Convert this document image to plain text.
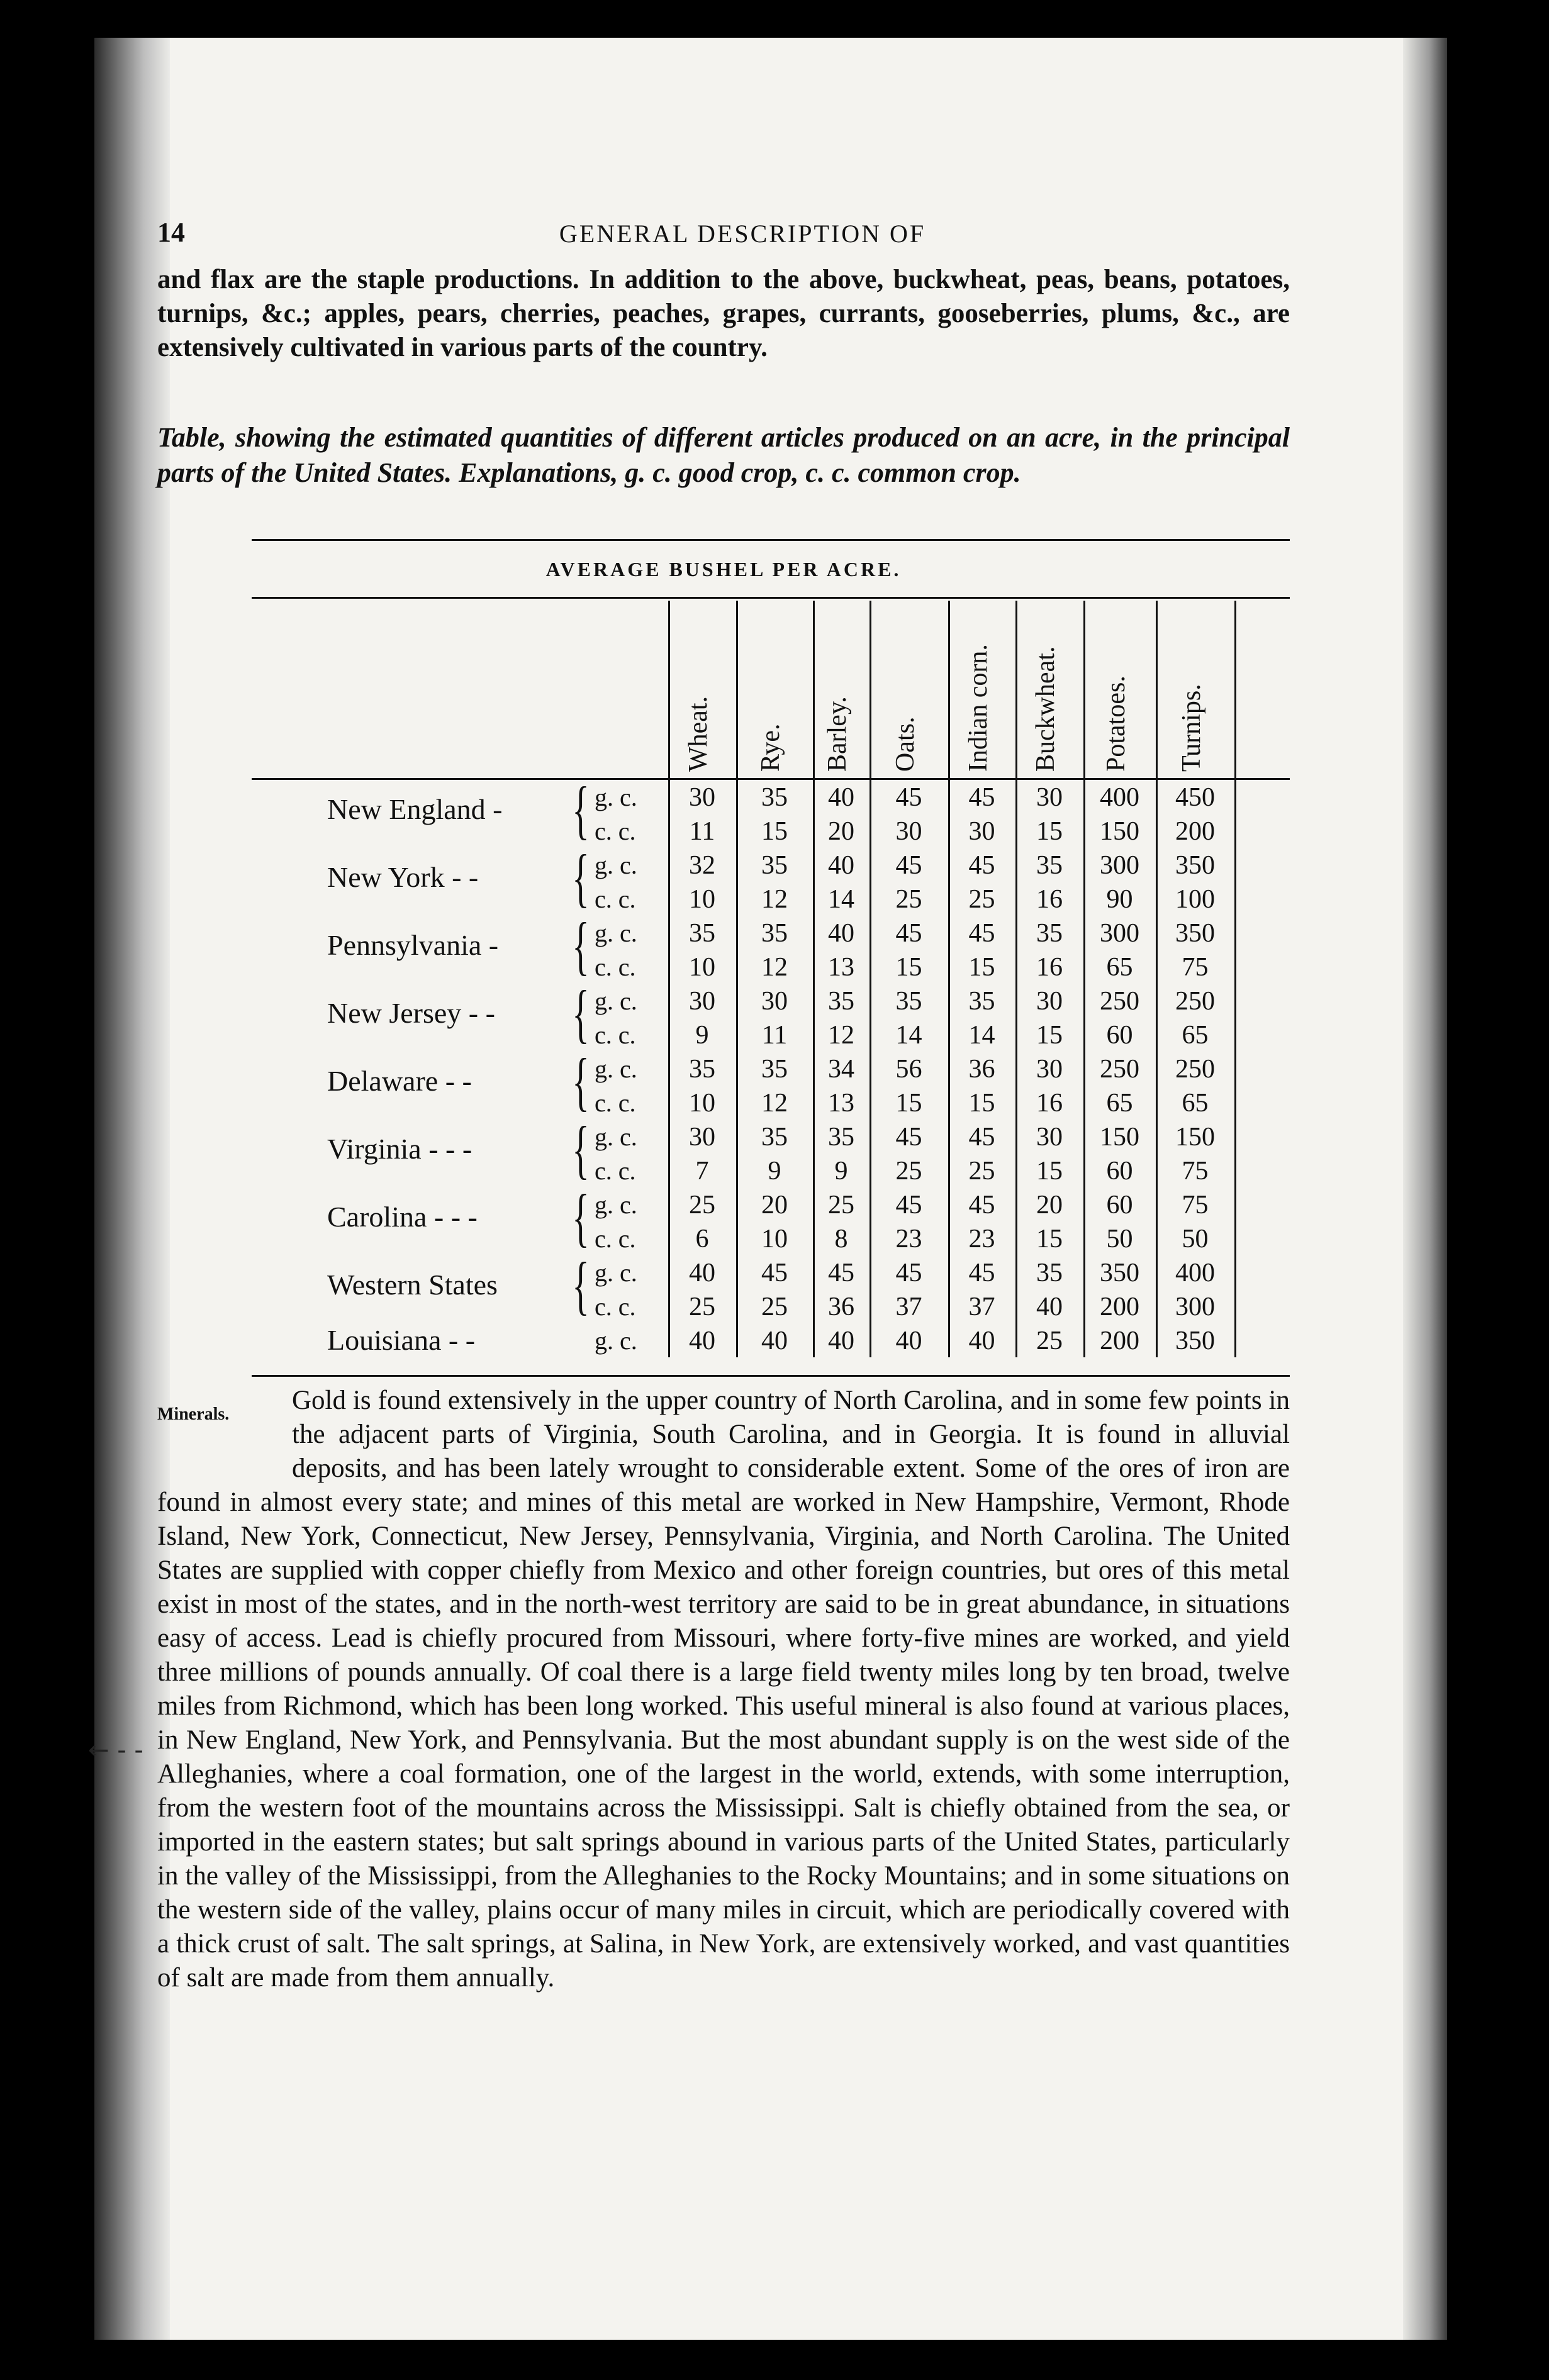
14	GENERAL DESCRIPTION OF
and flax are the staple productions. In addition to the above, buckwheat, peas, beans, potatoes, turnips, &c.; apples, pears, cherries, peaches, grapes, currants, gooseberries, plums, &c., are extensively cultivated in various parts of the country.
Table, showing the estimated quantities of different articles produced on an acre, in the principal parts of the United States. Explanations, g. c. good crop, c. c. common crop.
AVERAGE BUSHEL PER ACRE.
Wheat. Rye. Barley. Oats. Indian corn. Buckwheat. Potatoes. Turnips.
New England - { g. c.	30	35	40	45	45	30	400	450
c. c.	11	15	20	30	30	15	150	200
New York - - { g. c.	32	35	40	45	45	35	300	350
c. c.	10	12	14	25	25	16	90	100
Pennsylvania - { g. c.	35	35	40	45	45	35	300	350
c. c.	10	12	13	15	15	16	65	75
New Jersey - - { g. c.	30	30	35	35	35	30	250	250
c. c.	9	11	12	14	14	15	60	65
Delaware - - { g. c.	35	35	34	56	36	30	250	250
c. c.	10	12	13	15	15	16	65	65
Virginia - - - { g. c.	30	35	35	45	45	30	150	150
c. c.	7	9	9	25	25	15	60	75
Carolina - - - { g. c.	25	20	25	45	45	20	60	75
c. c.	6	10	8	23	23	15	50	50
Western States { g. c.	40	45	45	45	45	35	350	400
c. c.	25	25	36	37	37	40	200	300
Louisiana - -	g. c.	40	40	40	40	40	25	200	350
Minerals.	Gold is found extensively in the upper country of North Carolina, and in some few points in the adjacent parts of Virginia, South Carolina, and in Georgia. It is found in alluvial deposits, and has been lately wrought to considerable extent. Some of the ores of iron are found in almost every state; and mines of this metal are worked in New Hampshire, Vermont, Rhode Island, New York, Connecticut, New Jersey, Pennsylvania, Virginia, and North Carolina. The United States are supplied with copper chiefly from Mexico and other foreign countries, but ores of this metal exist in most of the states, and in the north-west territory are said to be in great abundance, in situations easy of access. Lead is chiefly procured from Missouri, where forty-five mines are worked, and yield three millions of pounds annually. Of coal there is a large field twenty miles long by ten broad, twelve miles from Richmond, which has been long worked. This useful mineral is also found at various places, in New England, New York, and Pennsylvania. But the most abundant supply is on the west side of the Alleghanies, where a coal formation, one of the largest in the world, extends, with some interruption, from the western foot of the mountains across the Mississippi. Salt is chiefly obtained from the sea, or imported in the eastern states; but salt springs abound in various parts of the United States, particularly in the valley of the Mississippi, from the Alleghanies to the Rocky Mountains; and in some situations on the western side of the valley, plains occur of many miles in circuit, which are periodically covered with a thick crust of salt. The salt springs, at Salina, in New York, are extensively worked, and vast quantities of salt are made from them annually.
← - -
